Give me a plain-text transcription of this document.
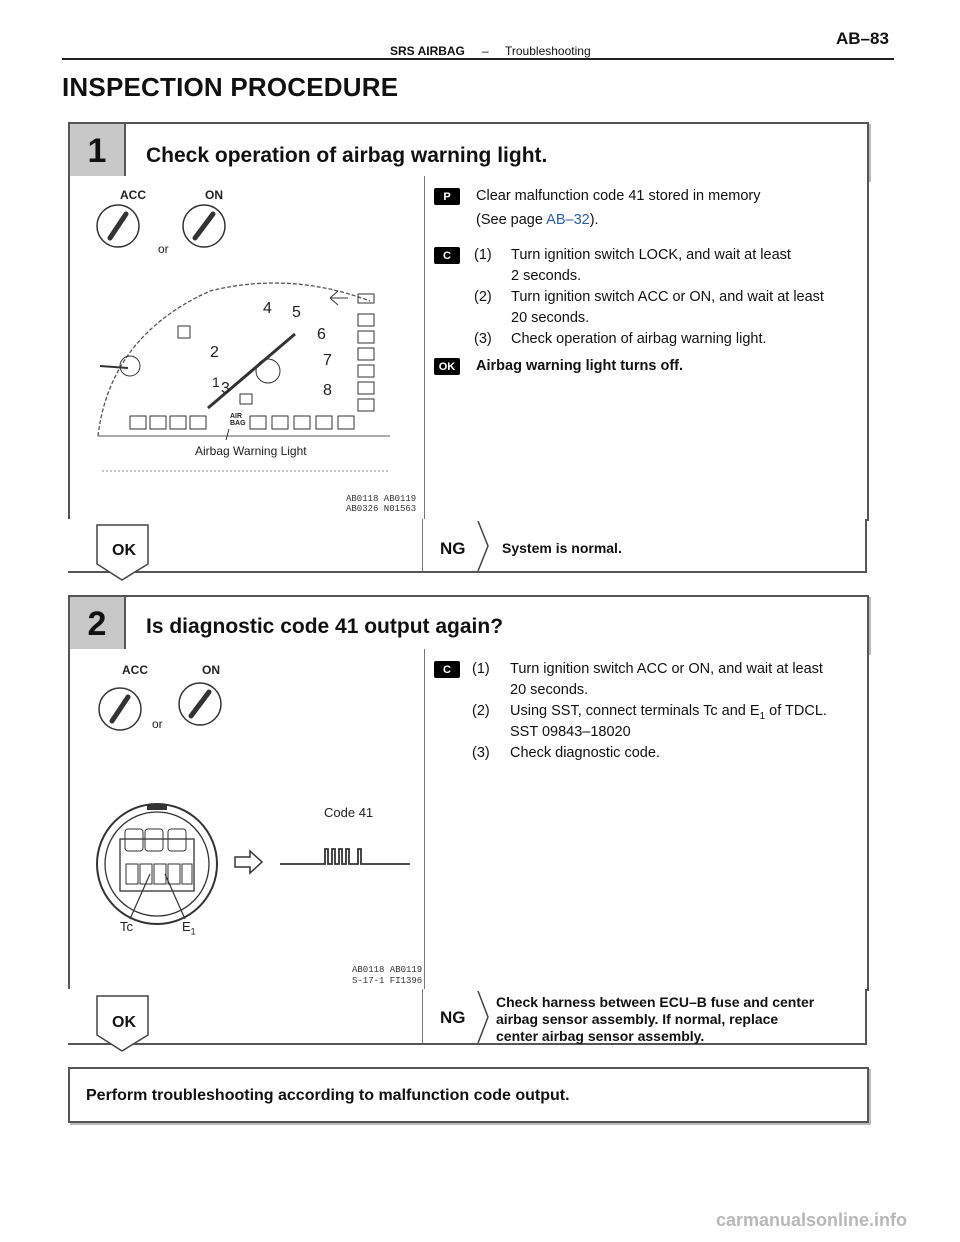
SRS AIRBAG – Troubleshooting
AB–83
INSPECTION PROCEDURE
1	Check operation of airbag warning light.
ACC	ON
or
3
4 5
6
7
8
2
1
AIR
BAG
Airbag Warning Light
AB0118 AB0119
AB0326 N01563
P	Clear malfunction code 41 stored in memory
(See page AB–32).
C	(1) Turn ignition switch LOCK, and wait at least
2 seconds.
(2) Turn ignition switch ACC or ON, and wait at least
20 seconds.
(3) Check operation of airbag warning light.
OK	Airbag warning light turns off.
OK	NG	System is normal.
2	Is diagnostic code 41 output again?
ACC	ON
or
Code 41
Tc	$E_1$
AB0118 AB0119
S-17-1 FI1396
C	(1) Turn ignition switch ACC or ON, and wait at least
20 seconds.
(2) Using SST, connect terminals Tc and $E_1$ of TDCL.
SST 09843–18020
(3) Check diagnostic code.
OK	NG
Check harness between ECU–B fuse and center
airbag sensor assembly. If normal, replace
center airbag sensor assembly.
Perform troubleshooting according to malfunction code output.
carmanualsonline.info
